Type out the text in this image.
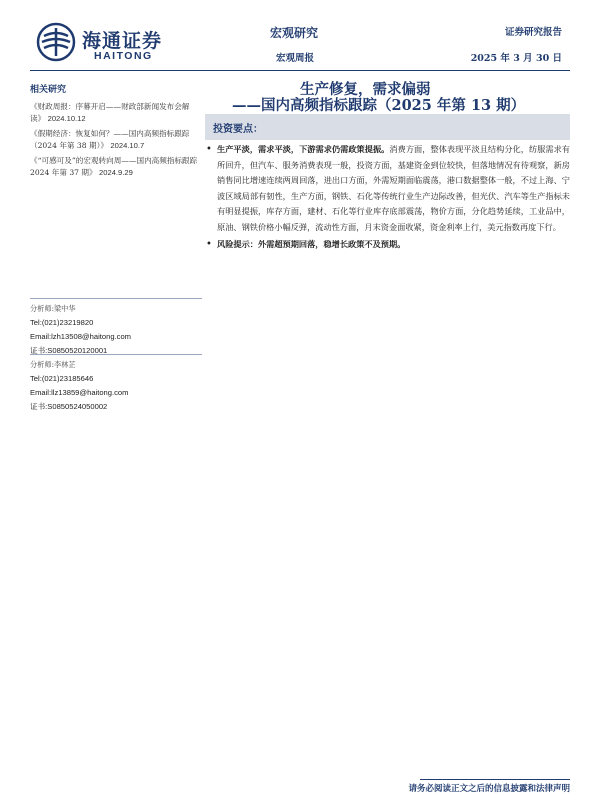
海通证券
HAITONG
宏观研究
宏观周报
证券研究报告
2025 年 3 月 30 日
生产修复，需求偏弱
——国内高频指标跟踪（2025 年第 13 期）
相关研究
《财政周报：序幕开启——财政部新闻发布会解读》 2024.10.12
《假期经济：恢复如何？——国内高频指标跟踪（2024 年第 38 期）》 2024.10.7
《“可感可及”的宏观转向周——国内高频指标跟踪 2024 年第 37 期》 2024.9.29
分析师:梁中华
Tel:(021)23219820
Email:lzh13508@haitong.com
证书:S0850520120001
分析师:李林芷
Tel:(021)23185646
Email:llz13859@haitong.com
证书:S0850524050002
投资要点：
• 生产平淡，需求平淡，下游需求仍需政策提振。消费方面，整体表现平淡且结构分化，纺服需求有所回升，但汽车、服务消费表现一般，投资方面，基建资金到位较快，但落地情况有待观察，新房销售同比增速连续两周回落，进出口方面，外需短期面临震荡，港口数据整体一般，不过上海、宁波区域局部有韧性，生产方面，钢铁、石化等传统行业生产边际改善，但光伏、汽车等生产指标未有明显提振，库存方面，建材、石化等行业库存底部震荡，物价方面，分化趋势延续，工业品中，原油、钢铁价格小幅反弹，流动性方面，月末资金面收紧，资金利率上行，美元指数再度下行。
• 风险提示：外需超预期回落，稳增长政策不及预期。
请务必阅读正文之后的信息披露和法律声明
